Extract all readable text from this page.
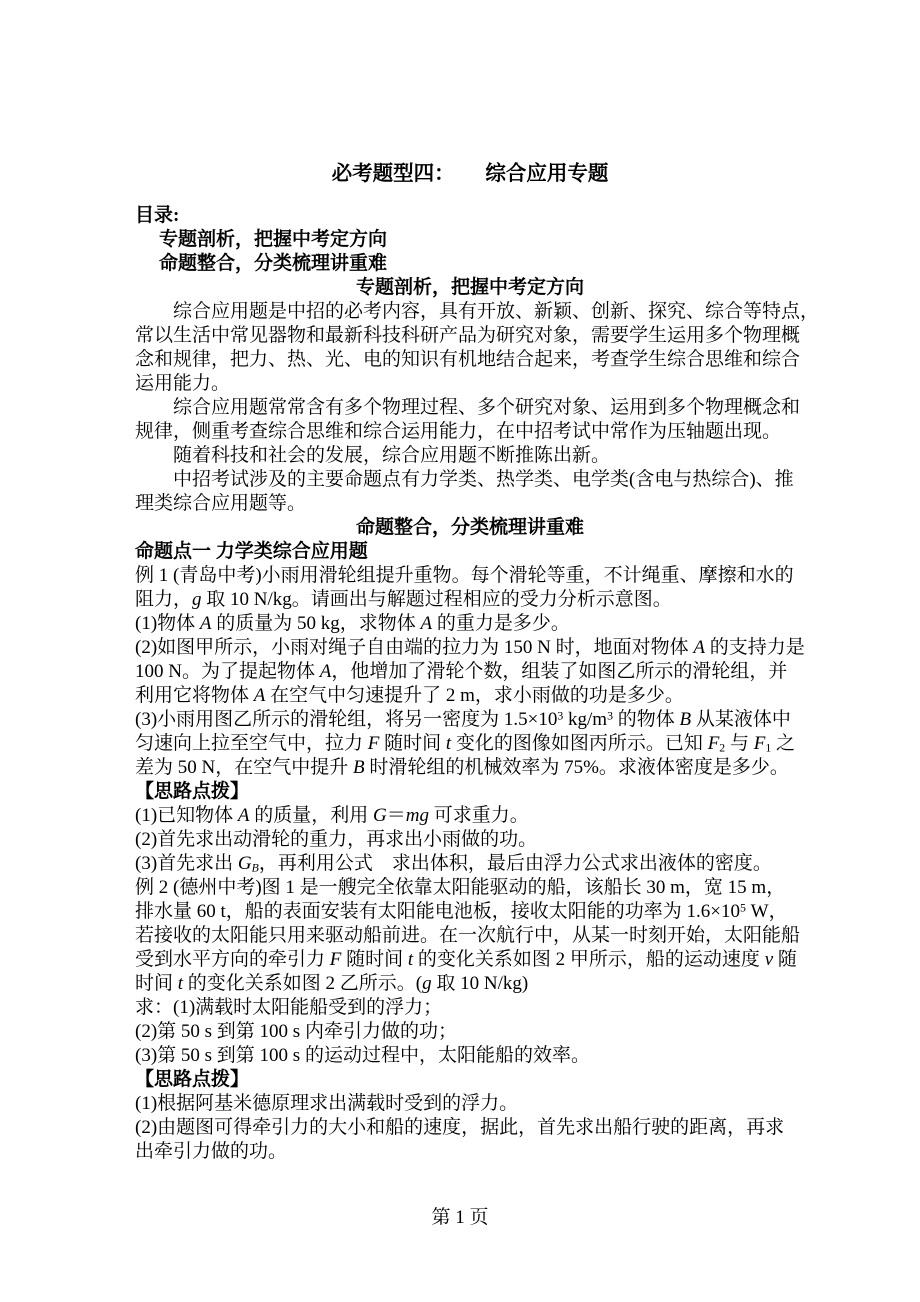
必考题型四：　　综合应用专题
目录:
专题剖析，把握中考定方向
命题整合，分类梳理讲重难
专题剖析，把握中考定方向
综合应用题是中招的必考内容，具有开放、新颖、创新、探究、综合等特点，
常以生活中常见器物和最新科技科研产品为研究对象，需要学生运用多个物理概
念和规律，把力、热、光、电的知识有机地结合起来，考查学生综合思维和综合
运用能力。
综合应用题常常含有多个物理过程、多个研究对象、运用到多个物理概念和
规律，侧重考查综合思维和综合运用能力，在中招考试中常作为压轴题出现。
随着科技和社会的发展，综合应用题不断推陈出新。
中招考试涉及的主要命题点有力学类、热学类、电学类(含电与热综合)、推
理类综合应用题等。
命题整合，分类梳理讲重难
命题点一 力学类综合应用题
例 1 (青岛中考)小雨用滑轮组提升重物。每个滑轮等重，不计绳重、摩擦和水的
阻力，g 取 10 N/kg。请画出与解题过程相应的受力分析示意图。
(1)物体 A 的质量为 50 kg，求物体 A 的重力是多少。
(2)如图甲所示，小雨对绳子自由端的拉力为 150 N 时，地面对物体 A 的支持力是
100 N。为了提起物体 A，他增加了滑轮个数，组装了如图乙所示的滑轮组，并
利用它将物体 A 在空气中匀速提升了 2 m，求小雨做的功是多少。
(3)小雨用图乙所示的滑轮组，将另一密度为 $1.5\times 10^3$ $kg/m^3$ 的物体 B 从某液体中
匀速向上拉至空气中，拉力 F 随时间 t 变化的图像如图丙所示。已知 $F_2$ 与 $F_1$ 之
差为 50 N，在空气中提升 B 时滑轮组的机械效率为 75%。求液体密度是多少。
【思路点拨】
(1)已知物体 A 的质量，利用 G＝mg 可求重力。
(2)首先求出动滑轮的重力，再求出小雨做的功。
(3)首先求出 $G_B$，再利用公式　求出体积，最后由浮力公式求出液体的密度。
例 2 (德州中考)图 1 是一艘完全依靠太阳能驱动的船，该船长 30 m，宽 15 m，
排水量 60 t，船的表面安装有太阳能电池板，接收太阳能的功率为 $1.6\times 10^5$ W，
若接收的太阳能只用来驱动船前进。在一次航行中，从某一时刻开始，太阳能船
受到水平方向的牵引力 F 随时间 t 的变化关系如图 2 甲所示，船的运动速度 v 随
时间 t 的变化关系如图 2 乙所示。(g 取 10 N/kg)
求：(1)满载时太阳能船受到的浮力；
(2)第 50 s 到第 100 s 内牵引力做的功；
(3)第 50 s 到第 100 s 的运动过程中，太阳能船的效率。
【思路点拨】
(1)根据阿基米德原理求出满载时受到的浮力。
(2)由题图可得牵引力的大小和船的速度，据此，首先求出船行驶的距离，再求
出牵引力做的功。
第 1 页
